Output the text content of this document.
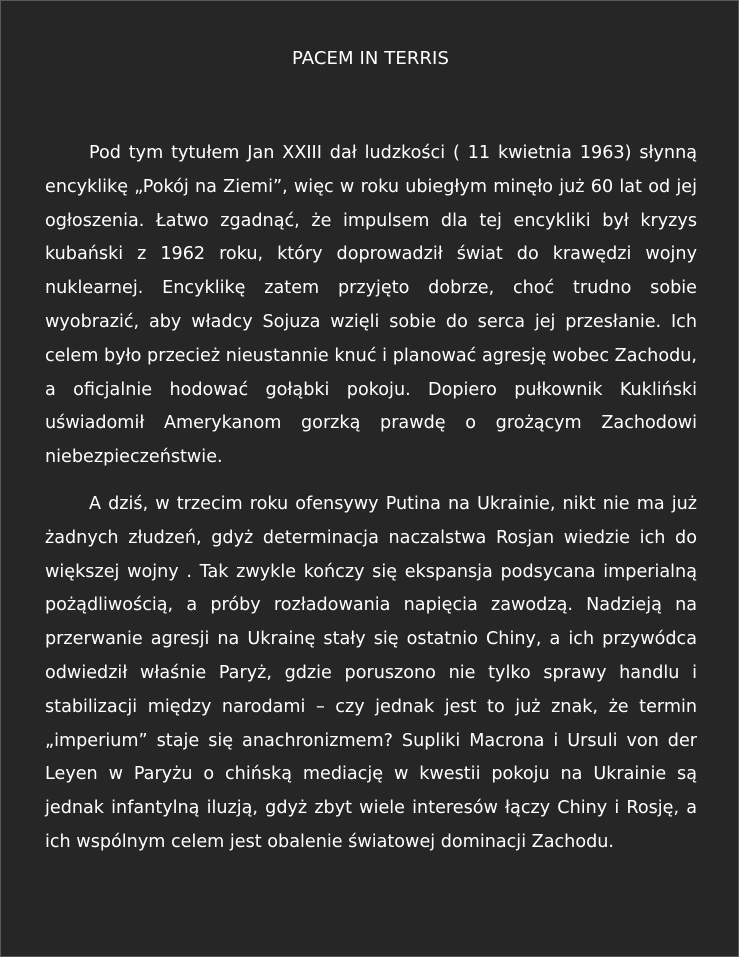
PACEM IN TERRIS

Pod tym tytułem Jan XXIII dał ludzkości ( 11 kwietnia 1963) słynną encyklikę „Pokój na Ziemi”, więc w roku ubiegłym minęło już 60 lat od jej ogłoszenia. Łatwo zgadnąć, że impulsem dla tej encykliki był kryzys kubański z 1962 roku, który doprowadził świat do krawędzi wojny nuklearnej. Encyklikę zatem przyjęto dobrze, choć trudno sobie wyobrazić, aby władcy Sojuza wzięli sobie do serca jej przesłanie. Ich celem było przecież nieustannie knuć i planować agresję wobec Zachodu, a oficjalnie hodować gołąbki pokoju. Dopiero pułkownik Kukliński uświadomił Amerykanom gorzką prawdę o grożącym Zachodowi niebezpieczeństwie.

A dziś, w trzecim roku ofensywy Putina na Ukrainie, nikt nie ma już żadnych złudzeń, gdyż determinacja naczalstwa Rosjan wiedzie ich do większej wojny . Tak zwykle kończy się ekspansja podsycana imperialną pożądliwością, a próby rozładowania napięcia zawodzą. Nadzieją na przerwanie agresji na Ukrainę stały się ostatnio Chiny, a ich przywódca odwiedził właśnie Paryż, gdzie poruszono nie tylko sprawy handlu i stabilizacji między narodami – czy jednak jest to już znak, że termin „imperium” staje się anachronizmem? Supliki Macrona i Ursuli von der Leyen w Paryżu o chińską mediację w kwestii pokoju na Ukrainie są jednak infantylną iluzją, gdyż zbyt wiele interesów łączy Chiny i Rosję, a ich wspólnym celem jest obalenie światowej dominacji Zachodu.
